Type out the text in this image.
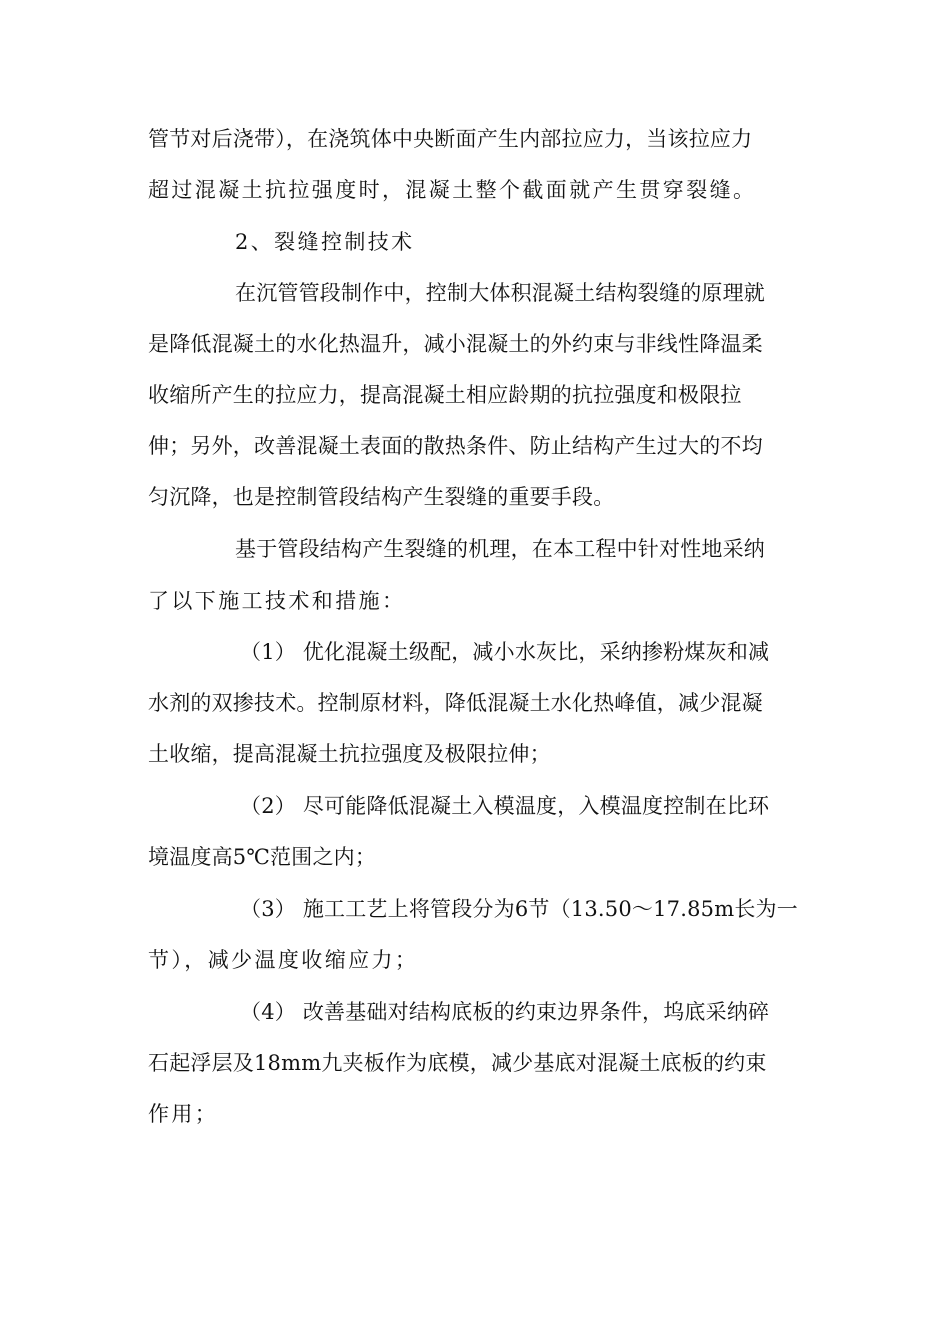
管节对后浇带），在浇筑体中央断面产生内部拉应力，当该拉应力
超过混凝土抗拉强度时，混凝土整个截面就产生贯穿裂缝。
2、裂缝控制技术
在沉管管段制作中，控制大体积混凝土结构裂缝的原理就
是降低混凝土的水化热温升，减小混凝土的外约束与非线性降温柔
收缩所产生的拉应力，提高混凝土相应龄期的抗拉强度和极限拉
伸；另外，改善混凝土表面的散热条件、防止结构产生过大的不均
匀沉降，也是控制管段结构产生裂缝的重要手段。
基于管段结构产生裂缝的机理，在本工程中针对性地采纳
了以下施工技术和措施：
（1） 优化混凝土级配，减小水灰比，采纳掺粉煤灰和减
水剂的双掺技术。控制原材料，降低混凝土水化热峰值，减少混凝
土收缩，提高混凝土抗拉强度及极限拉伸；
（2） 尽可能降低混凝土入模温度，入模温度控制在比环
境温度高5℃范围之内；
（3） 施工工艺上将管段分为6节（13.50～17.85m长为一
节），减少温度收缩应力；
（4） 改善基础对结构底板的约束边界条件，坞底采纳碎
石起浮层及18mm九夹板作为底模，减少基底对混凝土底板的约束
作用；
